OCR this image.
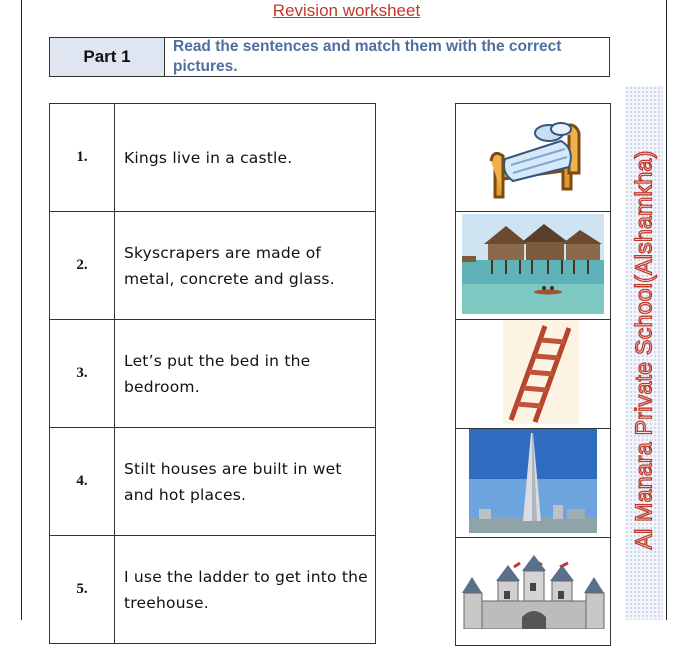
Revision worksheet
Part 1
Read the sentences and match them with the correct pictures.
1.	Kings live in a castle.
2.	Skyscrapers are made of metal, concrete and glass.
3.	Let’s put the bed in the bedroom.
4.	Stilt houses are built in wet and hot places.
5.	I use the ladder to get into the treehouse.

Al Manara Private School(Alshamkha)
